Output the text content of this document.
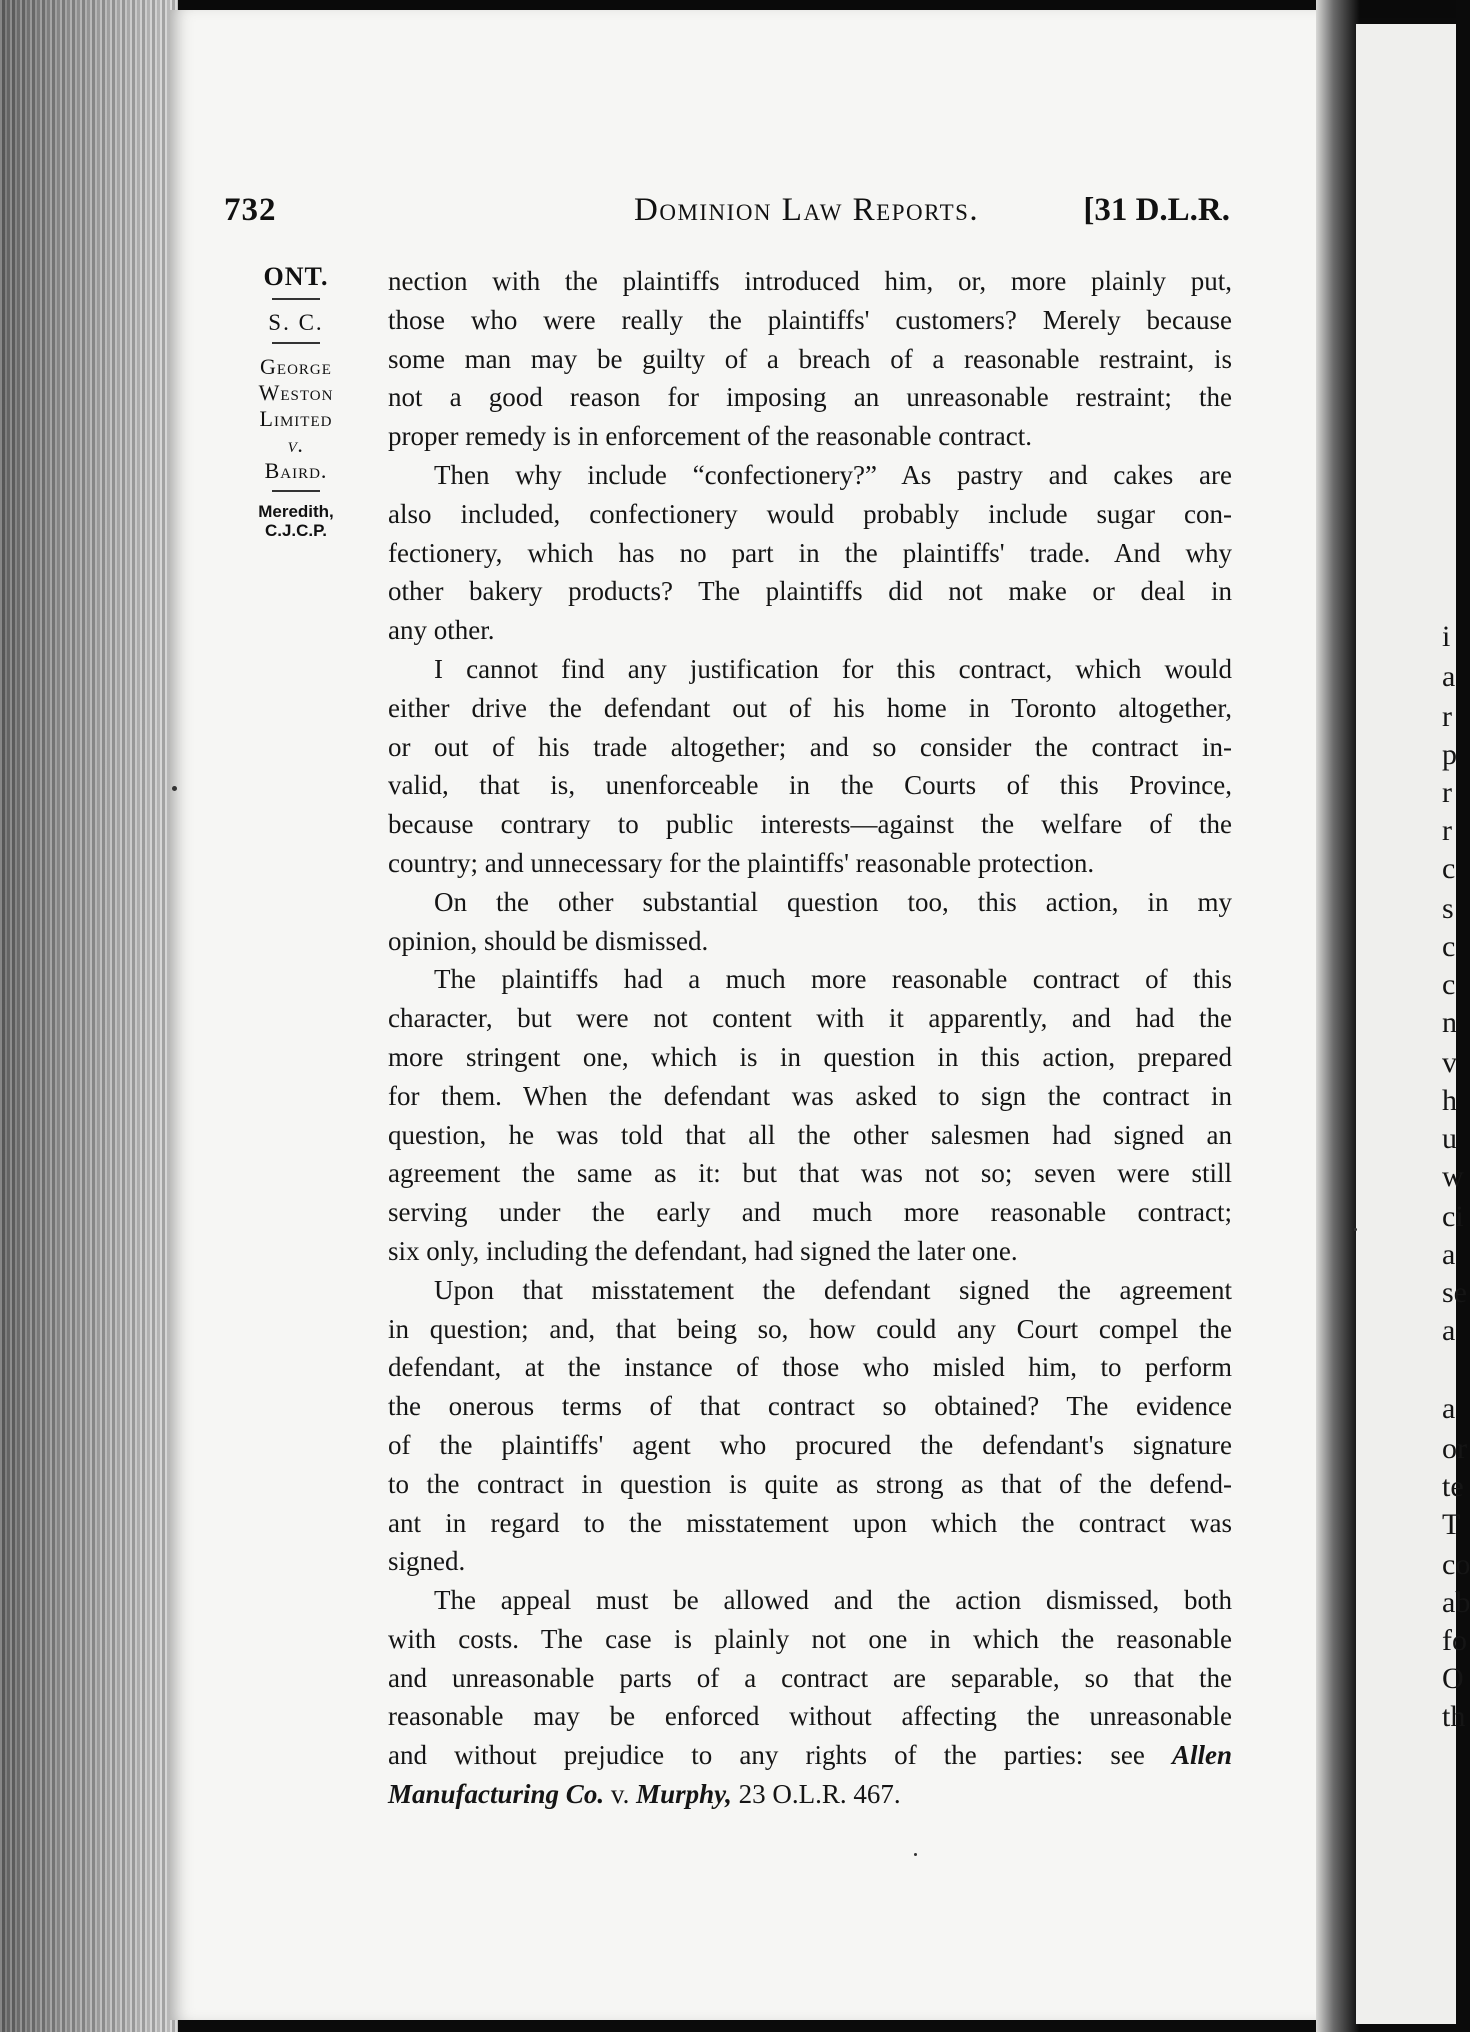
i
a
r
p
r
r
c
s
c
c
n
v
h
u
w
ci
a
se
a
a
or
te
T
co
ab
fo
O
th
732	Dominion Law Reports.	[31 D.L.R.
ONT.
S. C.
George
Weston
Limited
v.
Baird.
Meredith,
C.J.C.P.
nection with the plaintiffs introduced him, or, more plainly put,
those who were really the plaintiffs' customers? Merely because
some man may be guilty of a breach of a reasonable restraint, is
not a good reason for imposing an unreasonable restraint; the
proper remedy is in enforcement of the reasonable contract.
Then why include “confectionery?” As pastry and cakes are
also included, confectionery would probably include sugar con-
fectionery, which has no part in the plaintiffs' trade. And why
other bakery products? The plaintiffs did not make or deal in
any other.
I cannot find any justification for this contract, which would
either drive the defendant out of his home in Toronto altogether,
or out of his trade altogether; and so consider the contract in-
valid, that is, unenforceable in the Courts of this Province,
because contrary to public interests—against the welfare of the
country; and unnecessary for the plaintiffs' reasonable protection.
On the other substantial question too, this action, in my
opinion, should be dismissed.
The plaintiffs had a much more reasonable contract of this
character, but were not content with it apparently, and had the
more stringent one, which is in question in this action, prepared
for them. When the defendant was asked to sign the contract in
question, he was told that all the other salesmen had signed an
agreement the same as it: but that was not so; seven were still
serving under the early and much more reasonable contract;
six only, including the defendant, had signed the later one.
Upon that misstatement the defendant signed the agreement
in question; and, that being so, how could any Court compel the
defendant, at the instance of those who misled him, to perform
the onerous terms of that contract so obtained? The evidence
of the plaintiffs' agent who procured the defendant's signature
to the contract in question is quite as strong as that of the defend-
ant in regard to the misstatement upon which the contract was
signed.
The appeal must be allowed and the action dismissed, both
with costs. The case is plainly not one in which the reasonable
and unreasonable parts of a contract are separable, so that the
reasonable may be enforced without affecting the unreasonable
and without prejudice to any rights of the parties: see Allen
Manufacturing Co. v. Murphy, 23 O.L.R. 467.
